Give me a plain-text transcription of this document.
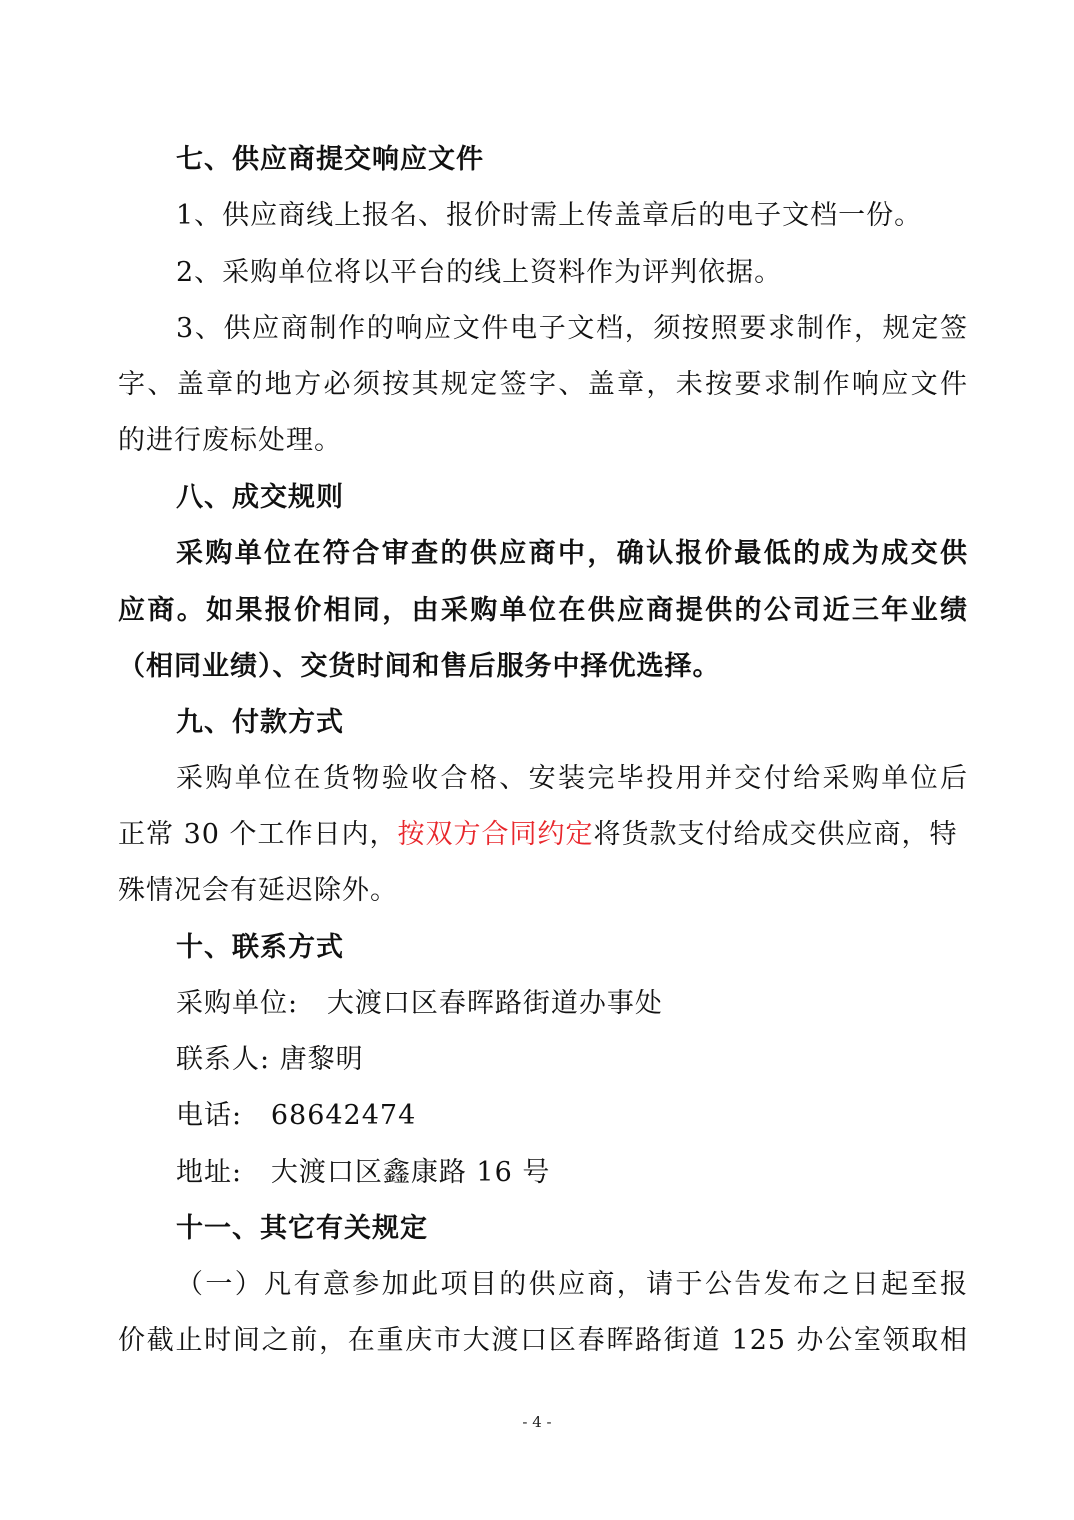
七、供应商提交响应文件
1、供应商线上报名、报价时需上传盖章后的电子文档一份。
2、采购单位将以平台的线上资料作为评判依据。
3、供应商制作的响应文件电子文档，须按照要求制作，规定签
字、盖章的地方必须按其规定签字、盖章，未按要求制作响应文件
的进行废标处理。
八、成交规则
采购单位在符合审查的供应商中，确认报价最低的成为成交供
应商。如果报价相同，由采购单位在供应商提供的公司近三年业绩
（相同业绩）、交货时间和售后服务中择优选择。
九、付款方式
采购单位在货物验收合格、安装完毕投用并交付给采购单位后
正常 30 个工作日内，按双方合同约定将货款支付给成交供应商，特
殊情况会有延迟除外。
十、联系方式
采购单位:   大渡口区春晖路街道办事处
联系人: 唐黎明
电话:   68642474
地址:   大渡口区鑫康路 16 号
十一、其它有关规定
（一）凡有意参加此项目的供应商，请于公告发布之日起至报
价截止时间之前，在重庆市大渡口区春晖路街道 125 办公室领取相
- 4 -
